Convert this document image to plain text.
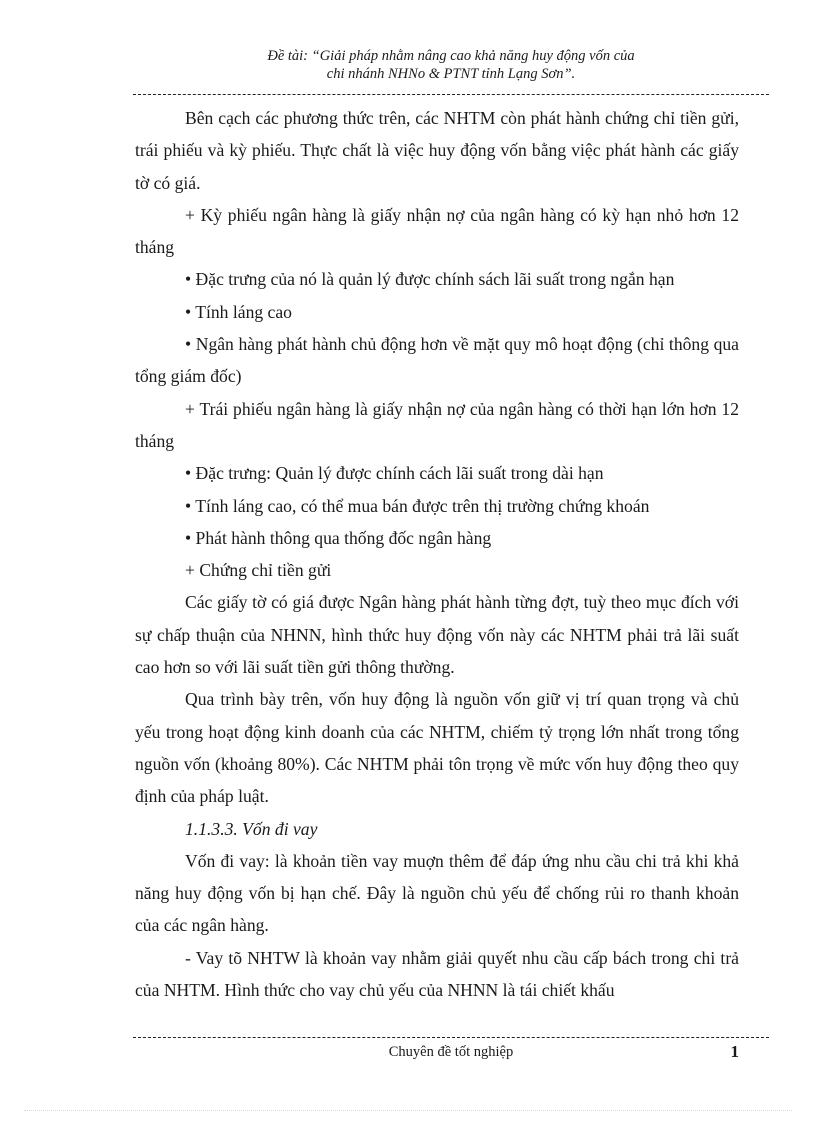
Đề tài: “Giải pháp nhằm nâng cao khả năng huy động vốn của
chi nhánh NHNo & PTNT tỉnh Lạng Sơn”.

Bên cạch các phương thức trên, các NHTM còn phát hành chứng chỉ tiền gửi, trái phiếu và kỳ phiếu. Thực chất là việc huy động vốn bằng việc phát hành các giấy tờ có giá.

+ Kỳ phiếu ngân hàng là giấy nhận nợ của ngân hàng có kỳ hạn nhỏ hơn 12 tháng

• Đặc trưng của nó là quản lý được chính sách lãi suất trong ngắn hạn

• Tính láng cao

• Ngân hàng phát hành chủ động hơn về mặt quy mô hoạt động (chỉ thông qua tổng giám đốc)

+ Trái phiếu ngân hàng là giấy nhận nợ của ngân hàng có thời hạn lớn hơn 12 tháng

• Đặc trưng: Quản lý được chính cách lãi suất trong dài hạn

• Tính láng cao, có thể mua bán được trên thị trường chứng khoán

• Phát hành thông qua thống đốc ngân hàng

+ Chứng chỉ tiền gửi

Các giấy tờ có giá được Ngân hàng phát hành từng đợt, tuỳ theo mục đích với sự chấp thuận của NHNN, hình thức huy động vốn này các NHTM phải trả lãi suất cao hơn so với lãi suất tiền gửi thông thường.

Qua trình bày trên, vốn huy động là nguồn vốn giữ vị trí quan trọng và chủ yếu trong hoạt động kinh doanh của các NHTM, chiếm tỷ trọng lớn nhất trong tổng nguồn vốn (khoảng 80%). Các NHTM phải tôn trọng về mức vốn huy động theo quy định của pháp luật.

1.1.3.3. Vốn đi vay

Vốn đi vay: là khoản tiền vay muợn thêm để đáp ứng nhu cầu chi trả khi khả năng huy động vốn bị hạn chế. Đây là nguồn chủ yếu để chống rủi ro thanh khoản của các ngân hàng.

- Vay tõ NHTW là khoản vay nhằm giải quyết nhu cầu cấp bách trong chi trả của NHTM. Hình thức cho vay chủ yếu của NHNN là tái chiết khấu

Chuyên đề tốt nghiệp	1
